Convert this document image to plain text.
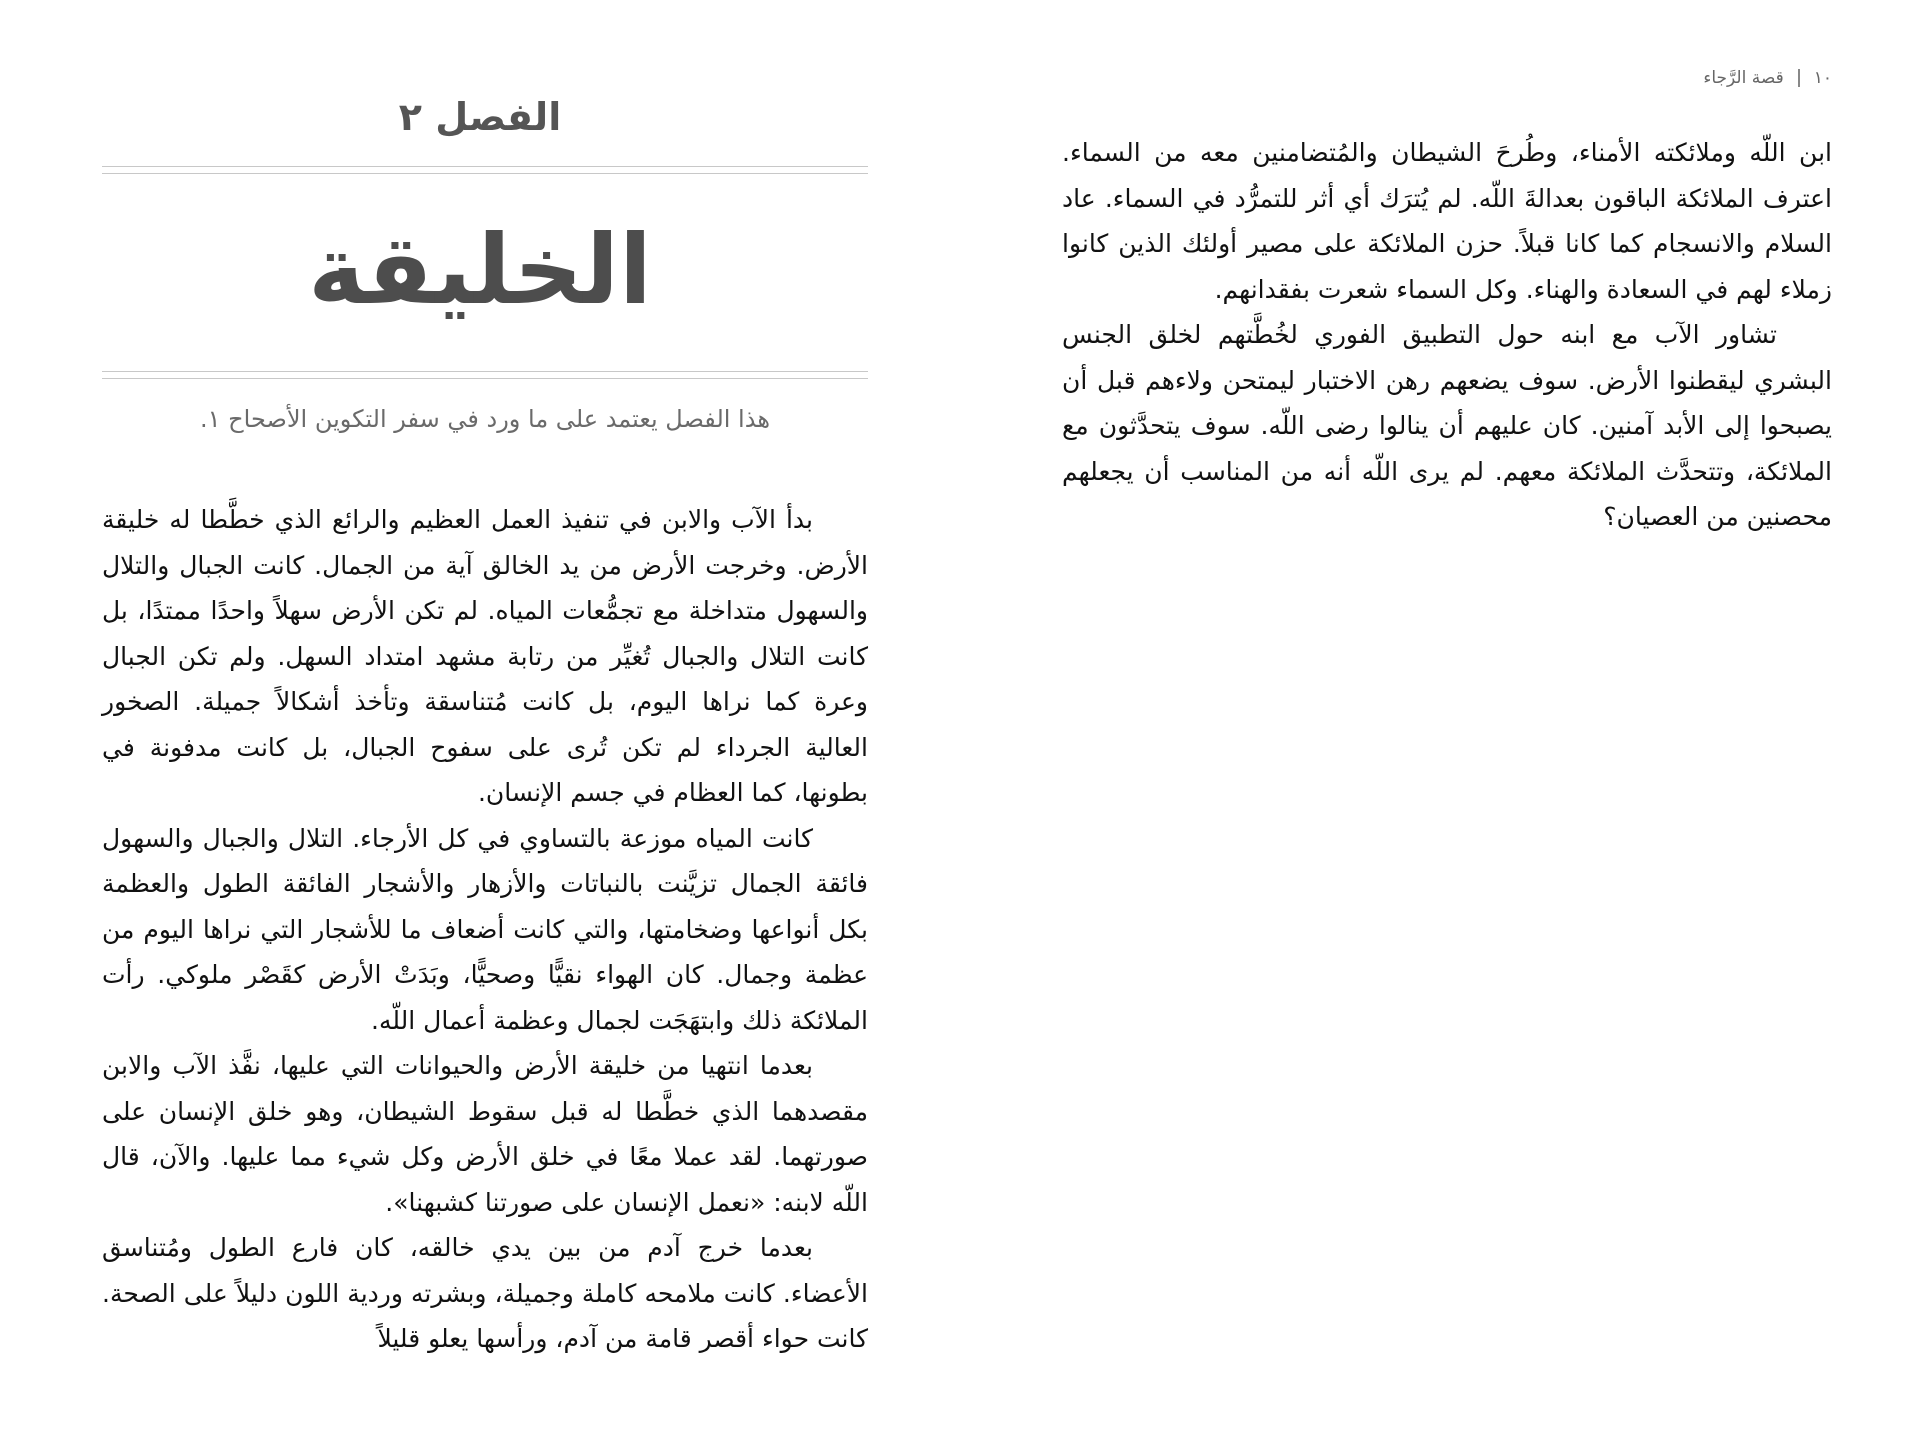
١٠
قصة الرَّجاء

ابن اللّه وملائكته الأمناء، وطُرحَ الشيطان والمُتضامنين معه من السماء. اعترف الملائكة الباقون بعدالةَ اللّه. لم يُترَك أي أثر للتمرُّد في السماء. عاد السلام والانسجام كما كانا قبلاً. حزن الملائكة على مصير أولئك الذين كانوا زملاء لهم في السعادة والهناء. وكل السماء شعرت بفقدانهم.

تشاور الآب مع ابنه حول التطبيق الفوري لخُطَّتهم لخلق الجنس البشري ليقطنوا الأرض. سوف يضعهم رهن الاختبار ليمتحن ولاءهم قبل أن يصبحوا إلى الأبد آمنين. كان عليهم أن ينالوا رضى اللّه. سوف يتحدَّثون مع الملائكة، وتتحدَّث الملائكة معهم. لم يرى اللّه أنه من المناسب أن يجعلهم محصنين من العصيان؟

الفصل ٢
الخليقة

هذا الفصل يعتمد على ما ورد في سفر التكوين الأصحاح ١.

بدأ الآب والابن في تنفيذ العمل العظيم والرائع الذي خطَّطا له خليقة الأرض. وخرجت الأرض من يد الخالق آية من الجمال. كانت الجبال والتلال والسهول متداخلة مع تجمُّعات المياه. لم تكن الأرض سهلاً واحدًا ممتدًا، بل كانت التلال والجبال تُغيِّر من رتابة مشهد امتداد السهل. ولم تكن الجبال وعرة كما نراها اليوم، بل كانت مُتناسقة وتأخذ أشكالاً جميلة. الصخور العالية الجرداء لم تكن تُرى على سفوح الجبال، بل كانت مدفونة في بطونها، كما العظام في جسم الإنسان.

كانت المياه موزعة بالتساوي في كل الأرجاء. التلال والجبال والسهول فائقة الجمال تزيَّنت بالنباتات والأزهار والأشجار الفائقة الطول والعظمة بكل أنواعها وضخامتها، والتي كانت أضعاف ما للأشجار التي نراها اليوم من عظمة وجمال. كان الهواء نقيًّا وصحيًّا، وبَدَتْ الأرض كقَصْر ملوكي. رأت الملائكة ذلك وابتهَجَت لجمال وعظمة أعمال اللّه.

بعدما انتهيا من خليقة الأرض والحيوانات التي عليها، نفَّذ الآب والابن مقصدهما الذي خطَّطا له قبل سقوط الشيطان، وهو خلق الإنسان على صورتهما. لقد عملا معًا في خلق الأرض وكل شيء مما عليها. والآن، قال اللّه لابنه: «نعمل الإنسان على صورتنا كشبهنا».

بعدما خرج آدم من بين يدي خالقه، كان فارع الطول ومُتناسق الأعضاء. كانت ملامحه كاملة وجميلة، وبشرته وردية اللون دليلاً على الصحة. كانت حواء أقصر قامة من آدم، ورأسها يعلو قليلاً
